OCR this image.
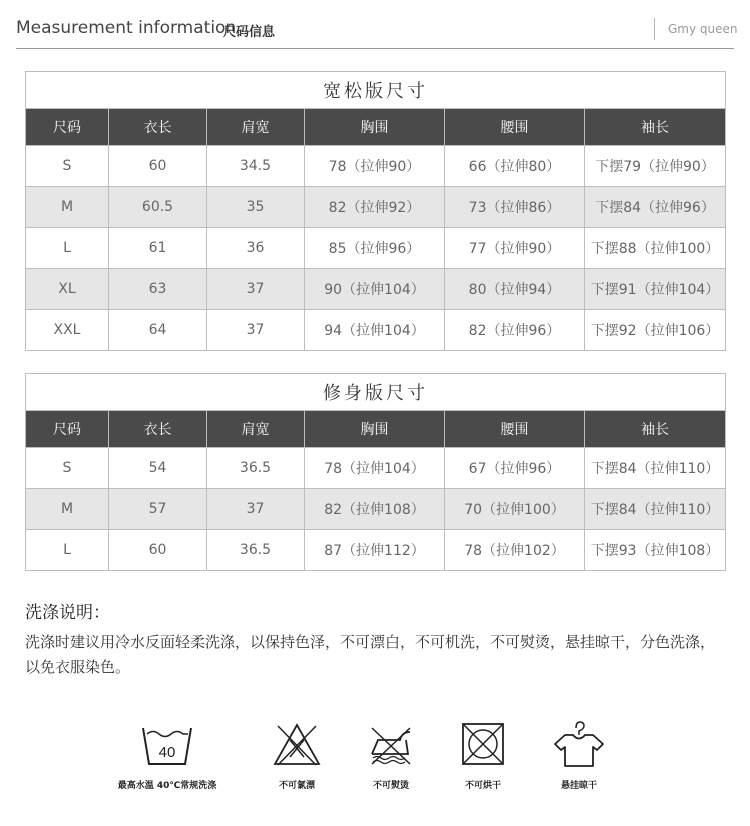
Measurement information
尺码信息	Gmy queen
宽松版尺寸					
尺码	衣长	肩宽	胸围	腰围	袖长
S	60	34.5	78（拉伸90）	66（拉伸80）	下摆79（拉伸90）
M	60.5	35	82（拉伸92）	73（拉伸86）	下摆84（拉伸96）
L	61	36	85（拉伸96）	77（拉伸90）	下摆88（拉伸100）
XL	63	37	90（拉伸104）	80（拉伸94）	下摆91（拉伸104）
XXL	64	37	94（拉伸104）	82（拉伸96）	下摆92（拉伸106）
修身版尺寸					
尺码	衣长	肩宽	胸围	腰围	袖长
S	54	36.5	78（拉伸104）	67（拉伸96）	下摆84（拉伸110）
M	57	37	82（拉伸108）	70（拉伸100）	下摆84（拉伸110）
L	60	36.5	87（拉伸112）	78（拉伸102）	下摆93（拉伸108）
洗涤说明：
洗涤时建议用冷水反面轻柔洗涤，以保持色泽，不可漂白，不可机洗，不可熨烫，悬挂晾干，分色洗涤，以免衣服染色。
40
最高水温 40℃常规洗涤	不可氯漂	不可熨烫	不可烘干	悬挂晾干
